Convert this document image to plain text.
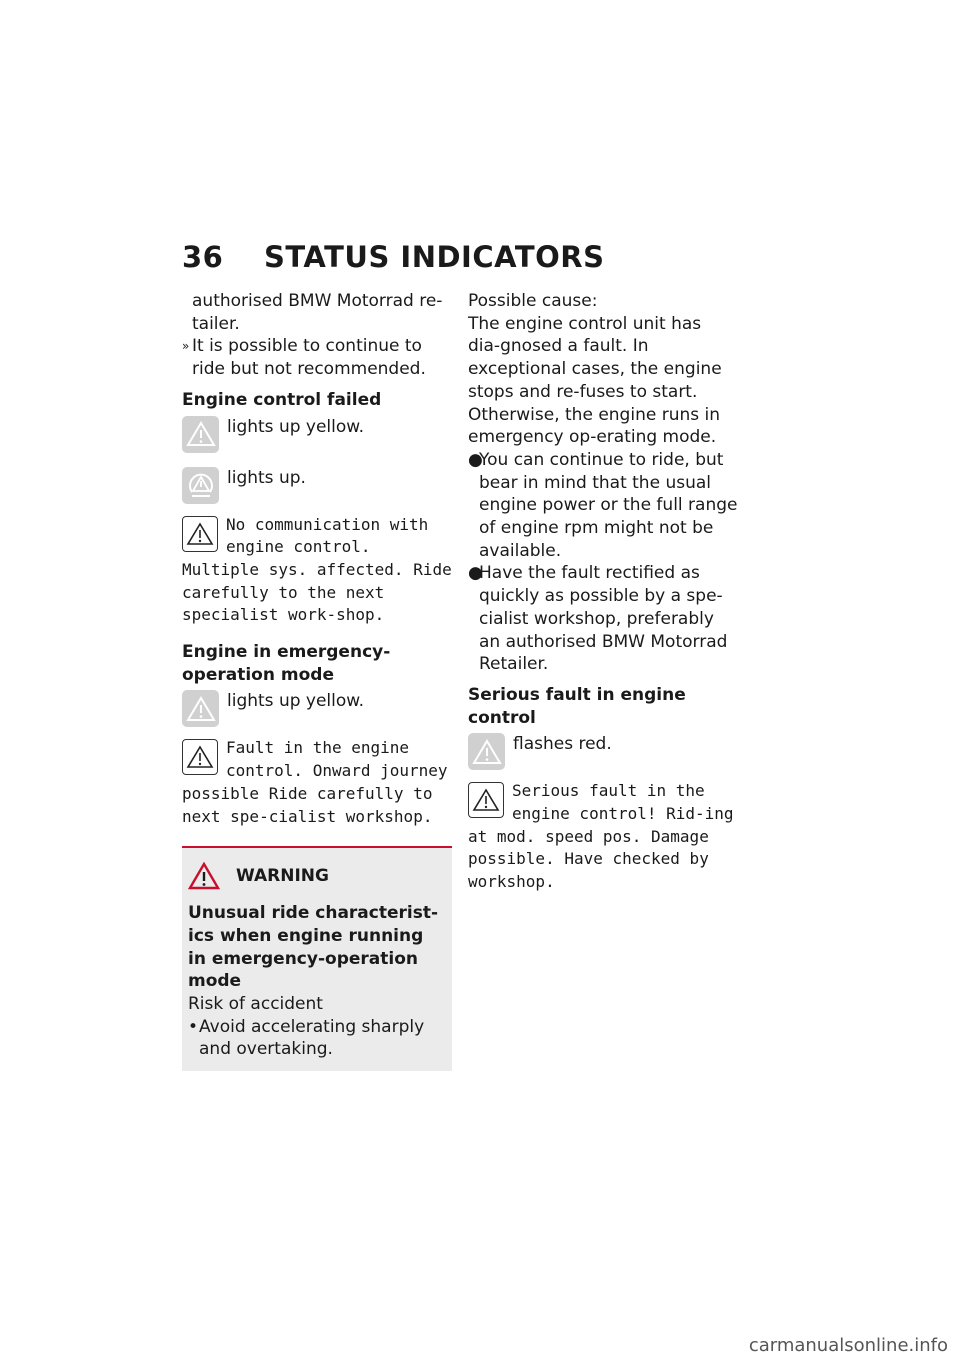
36 STATUS INDICATORS
authorised BMW Motorrad re-
tailer.
» It is possible to continue to ride but not recommended.
Engine control failed
lights up yellow.
lights up.
No communication with engine control. Multiple sys. affected. Ride carefully to the next specialist work-shop.
Engine in emergency-operation mode
lights up yellow.
Fault in the engine control. Onward journey possible Ride carefully to next spe-cialist workshop.
WARNING
Unusual ride characterist-ics when engine running in emergency-operation mode
Risk of accident
• Avoid accelerating sharply and overtaking.
Possible cause:
The engine control unit has dia-gnosed a fault. In exceptional cases, the engine stops and re-fuses to start. Otherwise, the engine runs in emergency op-erating mode.
●
You can continue to ride, but bear in mind that the usual engine power or the full range of engine rpm might not be available.
●
Have the fault rectified as quickly as possible by a spe-cialist workshop, preferably an authorised BMW Motorrad Retailer.
Serious fault in engine control
flashes red.
Serious fault in the engine control! Rid-ing at mod. speed pos. Damage possible. Have checked by workshop.
carmanualsonline.info
